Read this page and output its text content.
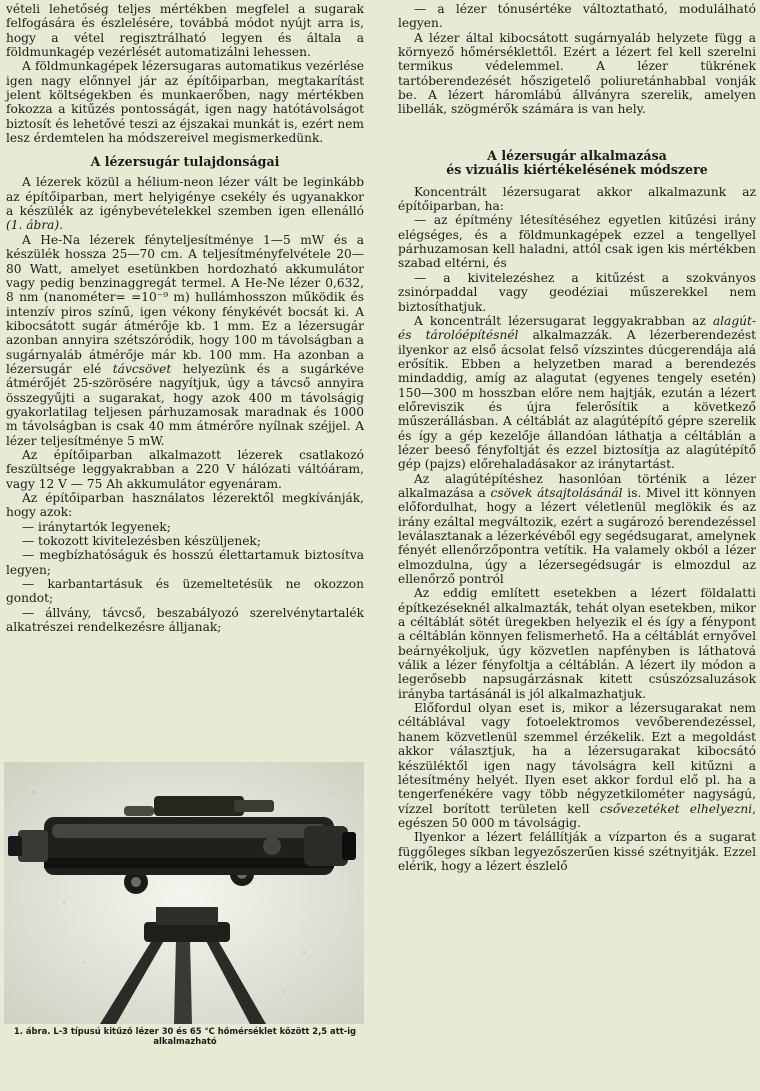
vételi lehetőség teljes mértékben megfelel a sugarak felfogására és észlelésére, továbbá módot nyújt arra is, hogy a vétel regisztrálható legyen és általa a földmunkagép vezérlését automatizálni lehessen.

A földmunkagépek lézersugaras automatikus vezérlése igen nagy előnnyel jár az építőiparban, megtakarítást jelent költségekben és munkaerőben, nagy mértékben fokozza a kitűzés pontosságát, igen nagy hatótávolságot biztosít és lehetővé teszi az éjszakai munkát is, ezért nem lesz érdemtelen ha módszereivel megismerkedünk.

A lézersugár tulajdonságai

A lézerek közül a hélium-neon lézer vált be leginkább az építőiparban, mert helyigénye csekély és ugyanakkor a készülék az igénybevételekkel szemben igen ellenálló (1. ábra).

A He-Na lézerek fényteljesítménye 1—5 mW és a készülék hossza 25—70 cm. A teljesítményfelvétele 20—80 Watt, amelyet esetünkben hordozható akkumulátor vagy pedig benzinaggregát termel. A He-Ne lézer 0,632, 8 nm (nanométer= =10⁻⁹ m) hullámhosszon működik és intenzív piros színű, igen vékony fénykévét bocsát ki. A kibocsátott sugár átmérője kb. 1 mm. Ez a lézersugár azonban annyira szétszóródik, hogy 100 m távolságban a sugárnyaláb átmérője már kb. 100 mm. Ha azonban a lézersugár elé távcsövet helyezünk és a sugárkéve átmérőjét 25-szörösére nagyítjuk, úgy a távcső annyira összegyűjti a sugarakat, hogy azok 400 m távolságig gyakorlatilag teljesen párhuzamosak maradnak és 1000 m távolságban is csak 40 mm átmérőre nyílnak széjjel. A lézer teljesítménye 5 mW.

Az építőiparban alkalmazott lézerek csatlakozó feszültsége leggyakrabban a 220 V hálózati váltóáram, vagy 12 V — 75 Ah akkumulátor egyenáram.

Az építőiparban használatos lézerektől megkívánják, hogy azok:

— iránytartók legyenek;

— tokozott kivitelezésben készüljenek;

— megbízhatóságuk és hosszú élettartamuk biztosítva legyen;

— karbantartásuk és üzemeltetésük ne okozzon gondot;

— állvány, távcső, beszabályozó szerelvénytartalék alkatrészei rendelkezésre álljanak;

1. ábra. L-3 típusú kitűző lézer 30 és 65 °C hőmérséklet között 2,5 att-ig alkalmazható

— a lézer tónusértéke változtatható, modulálható legyen.

A lézer által kibocsátott sugárnyaláb helyzete függ a környező hőmérséklettől. Ezért a lézert fel kell szerelni termikus védelemmel. A lézer tükrének tartóberendezését hőszigetelő poliuretánhabbal vonják be. A lézert háromlábú állványra szerelik, amelyen libellák, szögmérők számára is van hely.

A lézersugár alkalmazása
és vizuális kiértékelésének módszere

Koncentrált lézersugarat akkor alkalmazunk az építőiparban, ha:

— az építmény létesítéséhez egyetlen kitűzési irány elégséges, és a földmunkagépek ezzel a tengellyel párhuzamosan kell haladni, attól csak igen kis mértékben szabad eltérni, és

— a kivitelezéshez a kitűzést a szokványos zsinórpaddal vagy geodéziai műszerekkel nem biztosíthatjuk.

A koncentrált lézersugarat leggyakrabban az alagút- és tárolóépítésnél alkalmazzák. A lézerberendezést ilyenkor az első ácsolat felső vízszintes dúcgerendája alá erősítik. Ebben a helyzetben marad a berendezés mindaddig, amíg az alagutat (egyenes tengely esetén) 150—300 m hosszban előre nem hajtják, ezután a lézert előreviszik és újra felerősítik a következő műszerállásban. A céltáblát az alagútépítő gépre szerelik és így a gép kezelője állandóan láthatja a céltáblán a lézer beeső fényfoltját és ezzel biztosítja az alagútépítő gép (pajzs) előrehaladásakor az iránytartást.

Az alagútépítéshez hasonlóan történik a lézer alkalmazása a csövek átsajtolásánál is. Mivel itt könnyen előfordulhat, hogy a lézert véletlenül meglökik és az irány ezáltal megváltozik, ezért a sugározó berendezéssel leválasztanak a lézerkévéből egy segédsugarat, amelynek fényét ellenőrzőpontra vetítik. Ha valamely okból a lézer elmozdulna, úgy a lézersegédsugár is elmozdul az ellenőrző pontról

Az eddig említett esetekben a lézert földalatti építkezéseknél alkalmazták, tehát olyan esetekben, mikor a céltáblát sötét üregekben helyezik el és így a fénypont a céltáblán könnyen felismerhető. Ha a céltáblát ernyővel beárnyékoljuk, úgy közvetlen napfényben is láthatová válik a lézer fényfoltja a céltáblán. A lézert ily módon a legerősebb napsugárzásnak kitett csúszózsaluzások irányba tartásánál is jól alkalmazhatjuk.

Előfordul olyan eset is, mikor a lézersugarakat nem céltáblával vagy fotoelektromos vevőberendezéssel, hanem közvetlenül szemmel érzékelik. Ezt a megoldást akkor választjuk, ha a lézersugarakat kibocsátó készüléktől igen nagy távolságra kell kitűzni a létesítmény helyét. Ilyen eset akkor fordul elő pl. ha a tengerfenékére vagy több négyzetkilométer nagyságú, vízzel borított területen kell csővezetéket elhelyezni, egészen 50 000 m távolságig.

Ilyenkor a lézert felállítják a vízparton és a sugarat függőleges síkban legyezőszerűen kissé szétnyitják. Ezzel elérik, hogy a lézert észlelő
